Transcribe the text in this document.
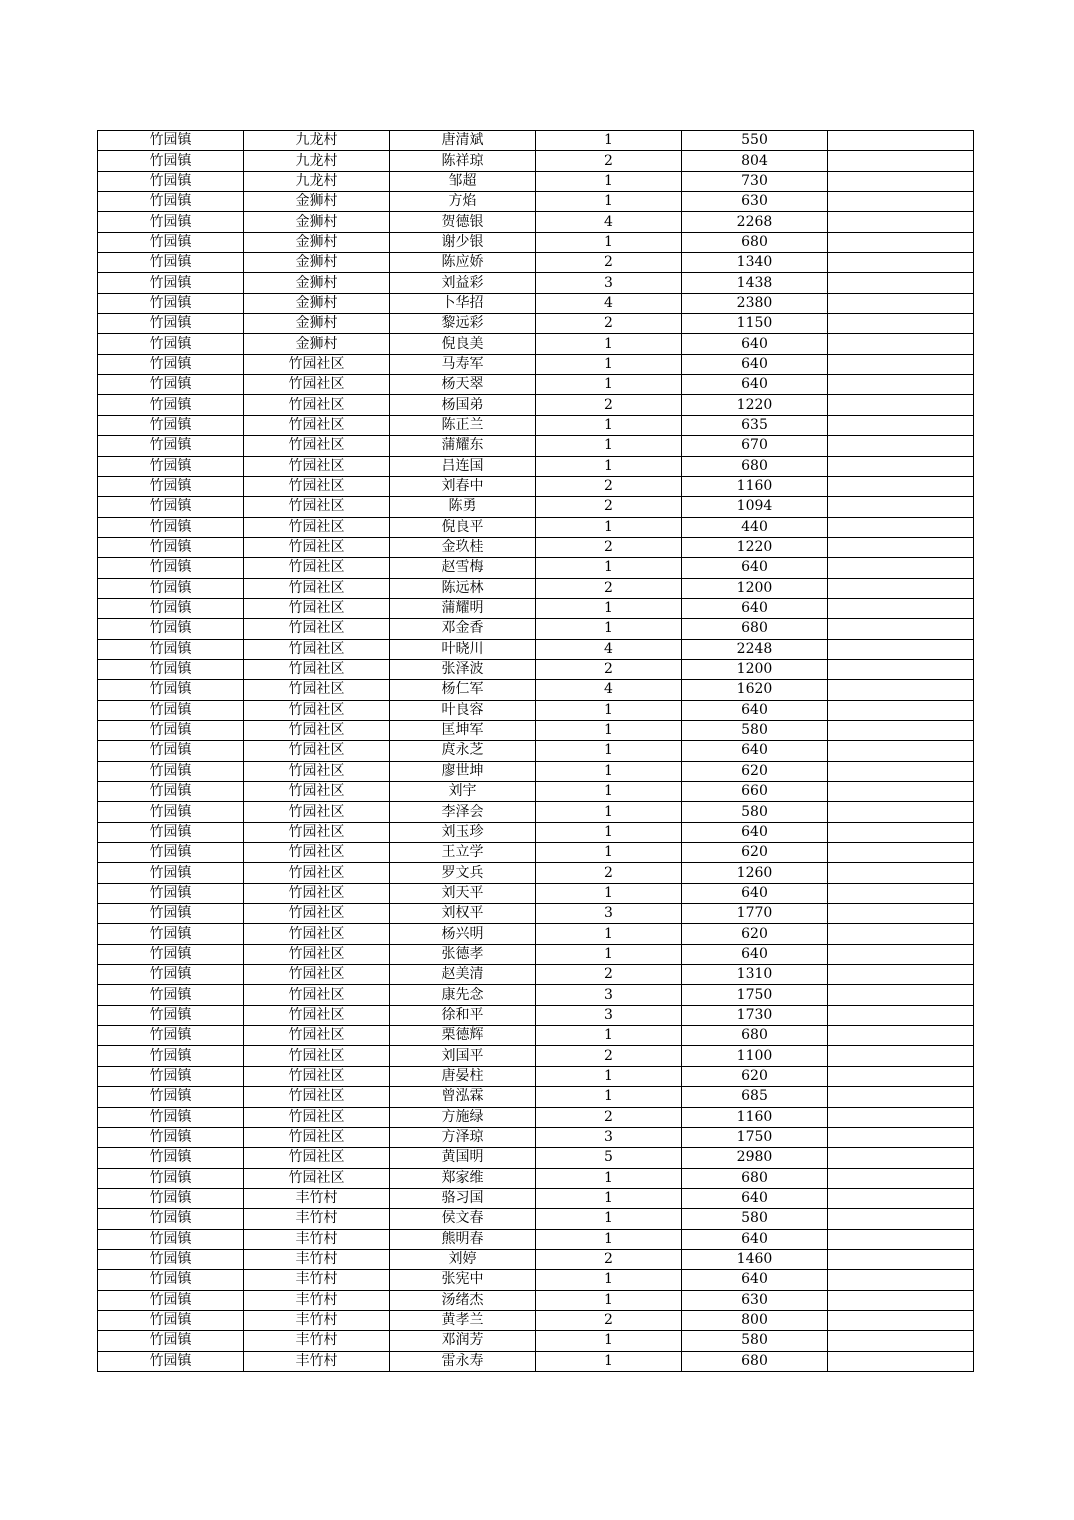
竹园镇	九龙村	唐清斌	1	550	
竹园镇	九龙村	陈祥琼	2	804	
竹园镇	九龙村	邹超	1	730	
竹园镇	金狮村	方焰	1	630	
竹园镇	金狮村	贺德银	4	2268	
竹园镇	金狮村	谢少银	1	680	
竹园镇	金狮村	陈应娇	2	1340	
竹园镇	金狮村	刘益彩	3	1438	
竹园镇	金狮村	卜华招	4	2380	
竹园镇	金狮村	黎远彩	2	1150	
竹园镇	金狮村	倪良美	1	640	
竹园镇	竹园社区	马寿军	1	640	
竹园镇	竹园社区	杨天翠	1	640	
竹园镇	竹园社区	杨国弟	2	1220	
竹园镇	竹园社区	陈正兰	1	635	
竹园镇	竹园社区	蒲耀东	1	670	
竹园镇	竹园社区	吕连国	1	680	
竹园镇	竹园社区	刘春中	2	1160	
竹园镇	竹园社区	陈勇	2	1094	
竹园镇	竹园社区	倪良平	1	440	
竹园镇	竹园社区	金玖桂	2	1220	
竹园镇	竹园社区	赵雪梅	1	640	
竹园镇	竹园社区	陈远林	2	1200	
竹园镇	竹园社区	蒲耀明	1	640	
竹园镇	竹园社区	邓金香	1	680	
竹园镇	竹园社区	叶晓川	4	2248	
竹园镇	竹园社区	张泽波	2	1200	
竹园镇	竹园社区	杨仁军	4	1620	
竹园镇	竹园社区	叶良容	1	640	
竹园镇	竹园社区	匡坤军	1	580	
竹园镇	竹园社区	庹永芝	1	640	
竹园镇	竹园社区	廖世坤	1	620	
竹园镇	竹园社区	刘宇	1	660	
竹园镇	竹园社区	李泽会	1	580	
竹园镇	竹园社区	刘玉珍	1	640	
竹园镇	竹园社区	王立学	1	620	
竹园镇	竹园社区	罗文兵	2	1260	
竹园镇	竹园社区	刘天平	1	640	
竹园镇	竹园社区	刘权平	3	1770	
竹园镇	竹园社区	杨兴明	1	620	
竹园镇	竹园社区	张德孝	1	640	
竹园镇	竹园社区	赵美清	2	1310	
竹园镇	竹园社区	康先念	3	1750	
竹园镇	竹园社区	徐和平	3	1730	
竹园镇	竹园社区	栗德辉	1	680	
竹园镇	竹园社区	刘国平	2	1100	
竹园镇	竹园社区	唐晏柱	1	620	
竹园镇	竹园社区	曾泓霖	1	685	
竹园镇	竹园社区	方施绿	2	1160	
竹园镇	竹园社区	方泽琼	3	1750	
竹园镇	竹园社区	黄国明	5	2980	
竹园镇	竹园社区	郑家维	1	680	
竹园镇	丰竹村	骆习国	1	640	
竹园镇	丰竹村	侯文春	1	580	
竹园镇	丰竹村	熊明春	1	640	
竹园镇	丰竹村	刘婷	2	1460	
竹园镇	丰竹村	张宪中	1	640	
竹园镇	丰竹村	汤绪杰	1	630	
竹园镇	丰竹村	黄孝兰	2	800	
竹园镇	丰竹村	邓润芳	1	580	
竹园镇	丰竹村	雷永寿	1	680	
